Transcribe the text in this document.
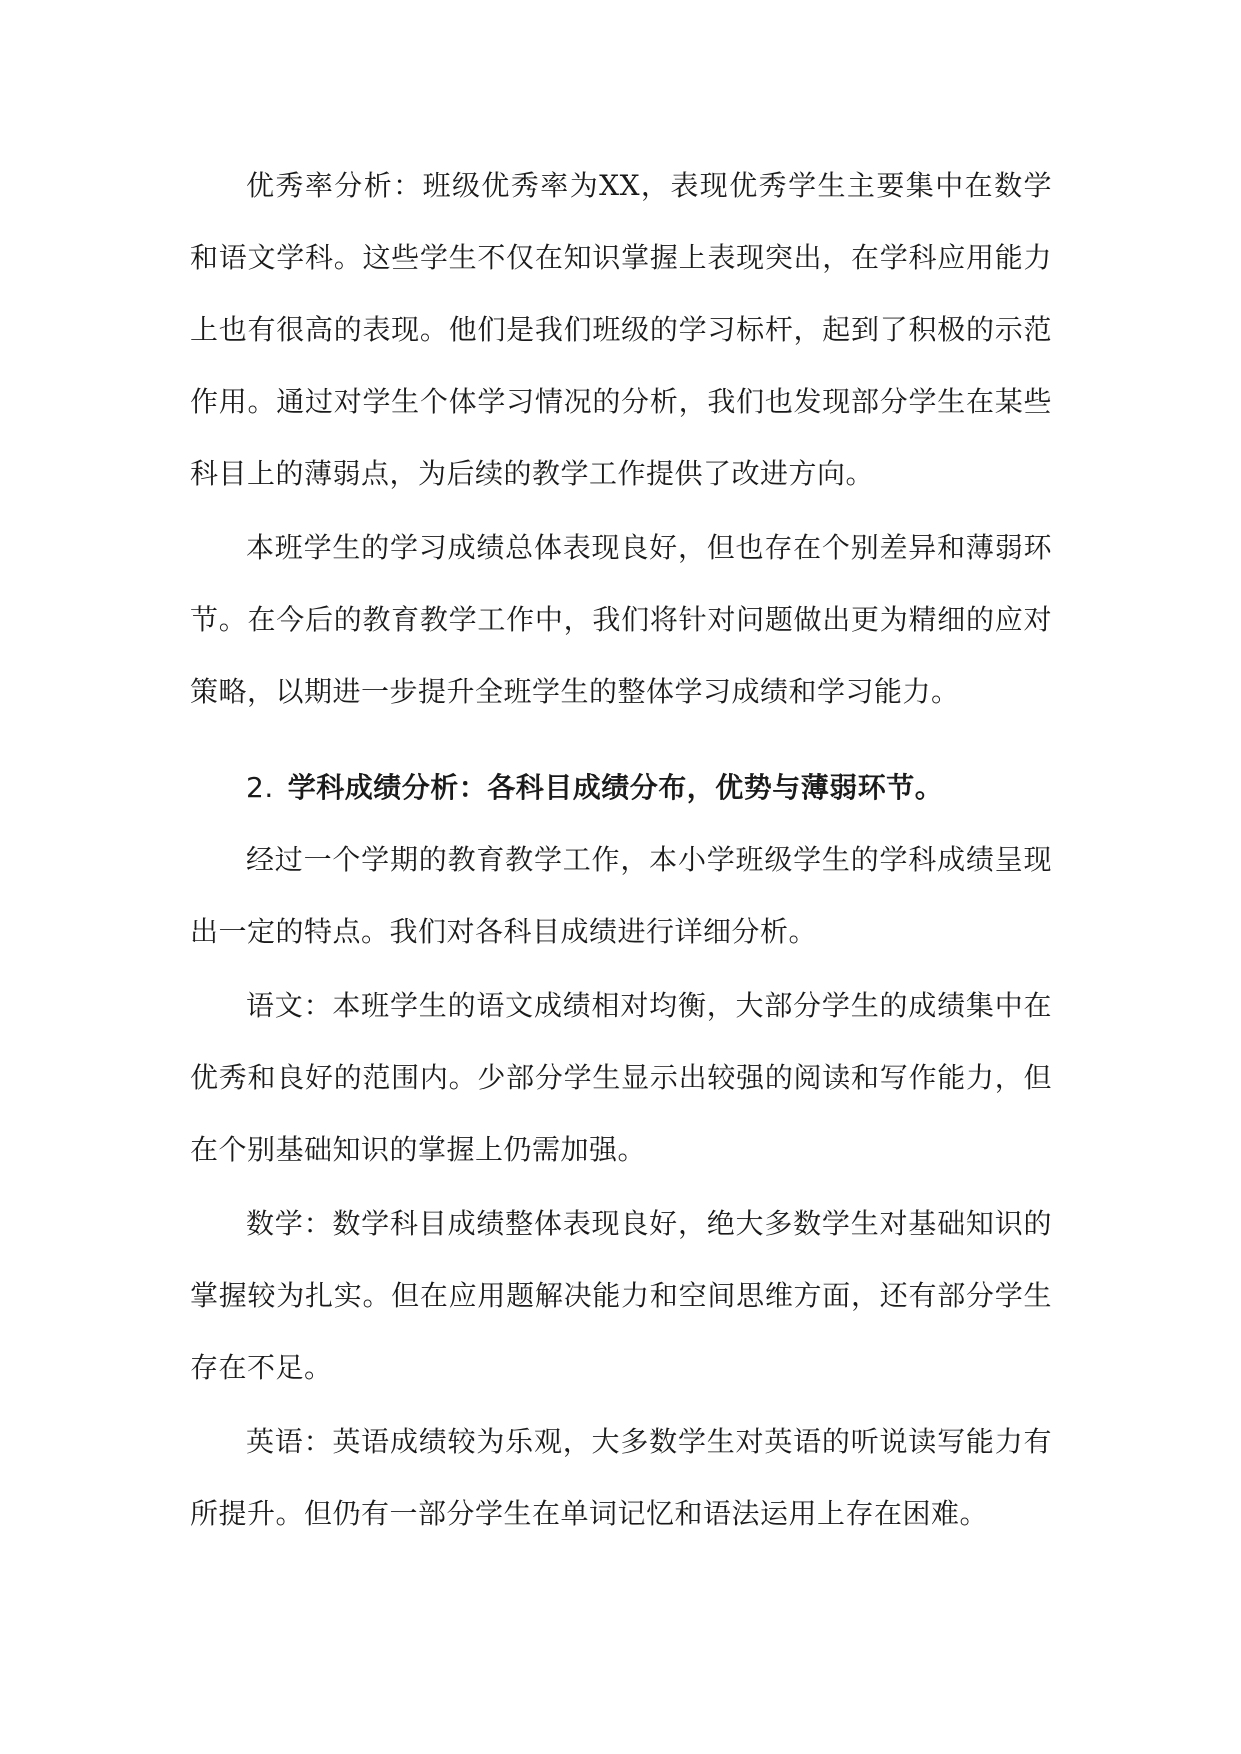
优秀率分析：班级优秀率为XX，表现优秀学生主要集中在数学和语文学科。这些学生不仅在知识掌握上表现突出，在学科应用能力上也有很高的表现。他们是我们班级的学习标杆，起到了积极的示范作用。通过对学生个体学习情况的分析，我们也发现部分学生在某些科目上的薄弱点，为后续的教学工作提供了改进方向。

本班学生的学习成绩总体表现良好，但也存在个别差异和薄弱环节。在今后的教育教学工作中，我们将针对问题做出更为精细的应对策略，以期进一步提升全班学生的整体学习成绩和学习能力。

2. 学科成绩分析：各科目成绩分布，优势与薄弱环节。

经过一个学期的教育教学工作，本小学班级学生的学科成绩呈现出一定的特点。我们对各科目成绩进行详细分析。

语文：本班学生的语文成绩相对均衡，大部分学生的成绩集中在优秀和良好的范围内。少部分学生显示出较强的阅读和写作能力，但在个别基础知识的掌握上仍需加强。

数学：数学科目成绩整体表现良好，绝大多数学生对基础知识的掌握较为扎实。但在应用题解决能力和空间思维方面，还有部分学生存在不足。

英语：英语成绩较为乐观，大多数学生对英语的听说读写能力有所提升。但仍有一部分学生在单词记忆和语法运用上存在困难。
